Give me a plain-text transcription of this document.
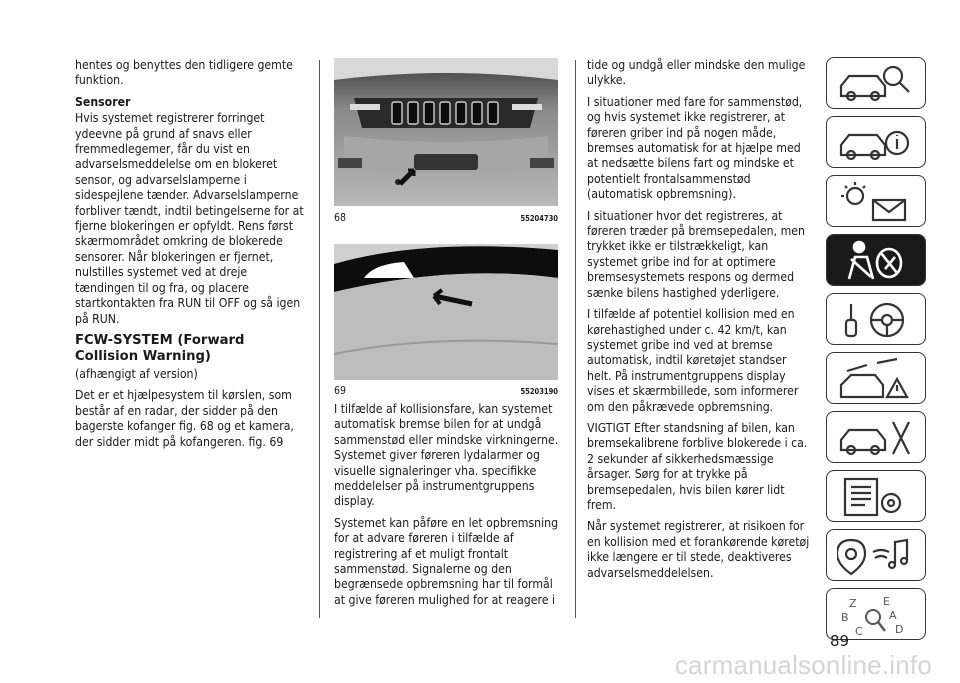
hentes og benyttes den tidligere gemte funktion.

Sensorer

Hvis systemet registrerer forringet ydeevne på grund af snavs eller fremmedlegemer, får du vist en advarselsmeddelelse om en blokeret sensor, og advarselslamperne i sidespejlene tænder. Advarselslamperne forbliver tændt, indtil betingelserne for at fjerne blokeringen er opfyldt. Rens først skærmområdet omkring de blokerede sensorer. Når blokeringen er fjernet, nulstilles systemet ved at dreje tændingen til og fra, og placere startkontakten fra RUN til OFF og så igen på RUN.

FCW-SYSTEM (Forward Collision Warning)

(afhængigt af version)

Det er et hjælpesystem til kørslen, som består af en radar, der sidder på den bagerste kofanger fig. 68 og et kamera, der sidder midt på kofangeren. fig. 69

68	55204730
69	55203190

I tilfælde af kollisionsfare, kan systemet automatisk bremse bilen for at undgå sammenstød eller mindske virkningerne. Systemet giver føreren lydalarmer og visuelle signaleringer vha. specifikke meddelelser på instrumentgruppens display.

Systemet kan påføre en let opbremsning for at advare føreren i tilfælde af registrering af et muligt frontalt sammenstød. Signalerne og den begrænsede opbremsning har til formål at give føreren mulighed for at reagere i

tide og undgå eller mindske den mulige ulykke.

I situationer med fare for sammenstød, og hvis systemet ikke registrerer, at føreren griber ind på nogen måde, bremses automatisk for at hjælpe med at nedsætte bilens fart og mindske et potentielt frontalsammenstød (automatisk opbremsning).

I situationer hvor det registreres, at føreren træder på bremsepedalen, men trykket ikke er tilstrækkeligt, kan systemet gribe ind for at optimere bremsesystemets respons og dermed sænke bilens hastighed yderligere.

I tilfælde af potentiel kollision med en kørehastighed under c. 42 km/t, kan systemet gribe ind ved at bremse automatisk, indtil køretøjet standser helt. På instrumentgruppens display vises et skærmbillede, som informerer om den påkrævede opbremsning.

VIGTIGT Efter standsning af bilen, kan bremsekalibrene forblive blokerede i ca. 2 sekunder af sikkerhedsmæssige årsager. Sørg for at trykke på bremsepedalen, hvis bilen kører lidt frem.

Når systemet registrerer, at risikoen for en kollision med et forankørende køretøj ikke længere er til stede, deaktiveres advarselsmeddelelsen.

Z E
B	A
C	D
89
carmanualsonline.info
